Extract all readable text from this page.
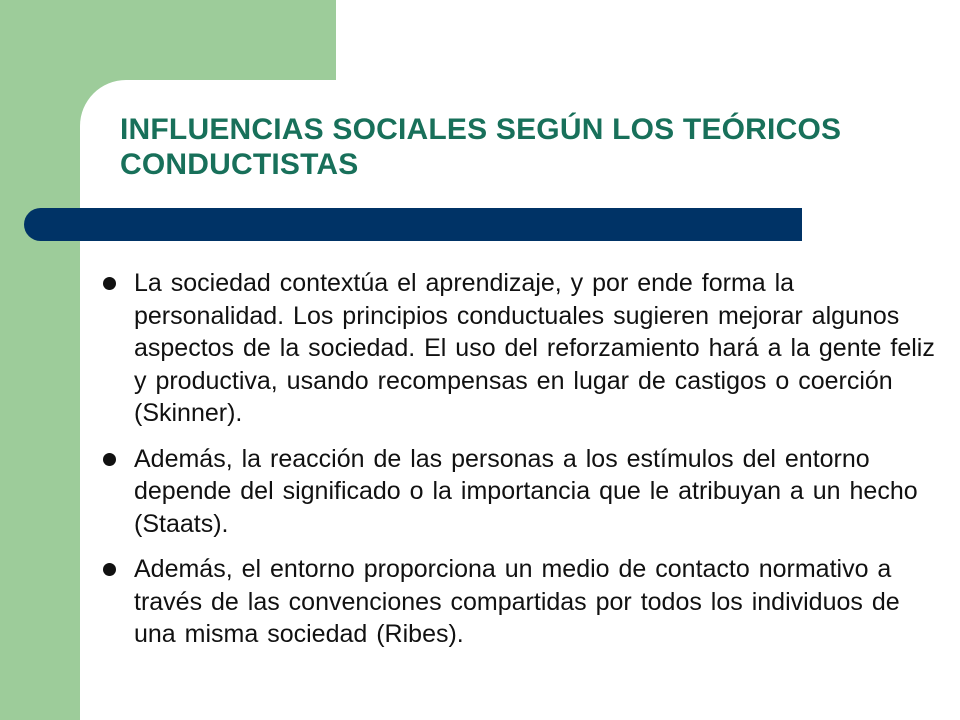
INFLUENCIAS SOCIALES SEGÚN LOS TEÓRICOS CONDUCTISTAS
La sociedad contextúa el aprendizaje, y por ende forma la personalidad. Los principios conductuales sugieren mejorar algunos aspectos de la sociedad. El uso del reforzamiento hará a la gente feliz y productiva, usando recompensas en lugar de castigos o coerción (Skinner).
Además, la reacción de las personas a los estímulos del entorno depende del significado o la importancia que le atribuyan a un hecho (Staats).
Además, el entorno proporciona un medio de contacto normativo a través de las convenciones compartidas por todos los individuos de una misma sociedad (Ribes).
